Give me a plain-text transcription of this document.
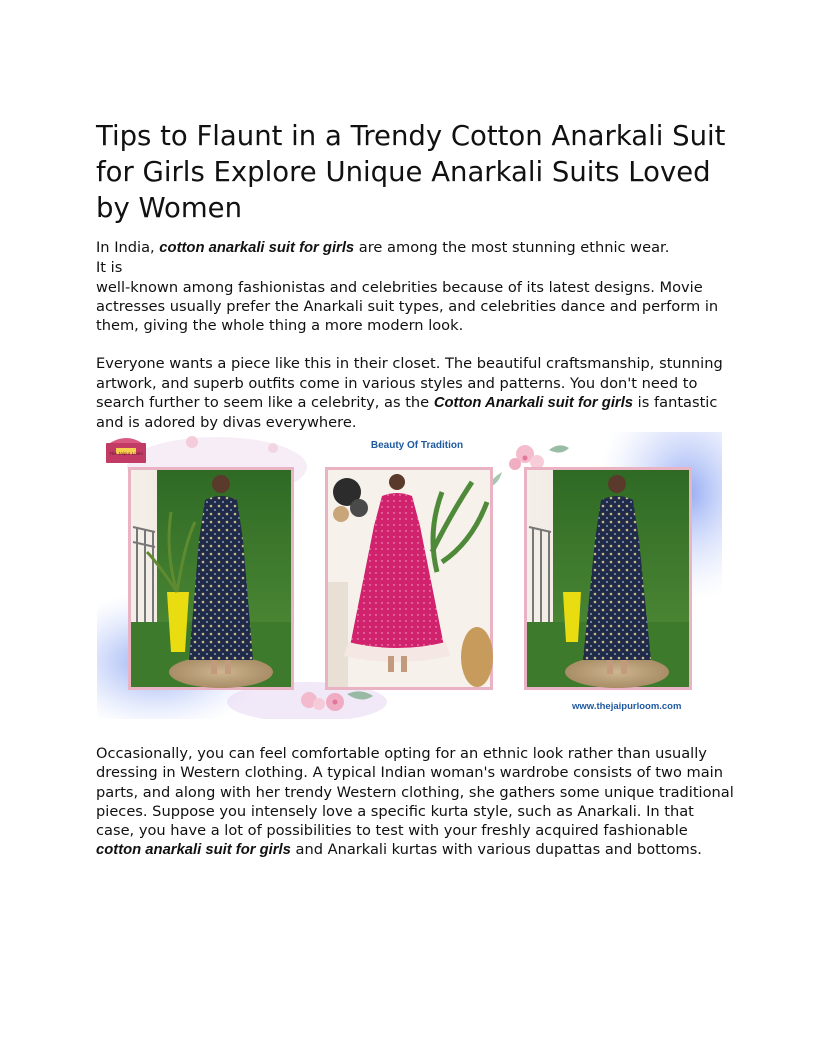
Tips to Flaunt in a Trendy Cotton Anarkali Suit for Girls Explore Unique Anarkali Suits Loved by Women

In India, cotton anarkali suit for girls are among the most stunning ethnic wear.
It is
well-known among fashionistas and celebrities because of its latest designs. Movie actresses usually prefer the Anarkali suit types, and celebrities dance and perform in them, giving the whole thing a more modern look.

Everyone wants a piece like this in their closet. The beautiful craftsmanship, stunning artwork, and superb outfits come in various styles and patterns. You don't need to search further to seem like a celebrity, as the Cotton Anarkali suit for girls is fantastic and is adored by divas everywhere.

The Jaipur Loom
Beauty Of Tradition
www.thejaipurloom.com

Occasionally, you can feel comfortable opting for an ethnic look rather than usually dressing in Western clothing. A typical Indian woman's wardrobe consists of two main parts, and along with her trendy Western clothing, she gathers some unique traditional pieces. Suppose you intensely love a specific kurta style, such as Anarkali. In that case, you have a lot of possibilities to test with your freshly acquired fashionable cotton anarkali suit for girls and Anarkali kurtas with various dupattas and bottoms.
